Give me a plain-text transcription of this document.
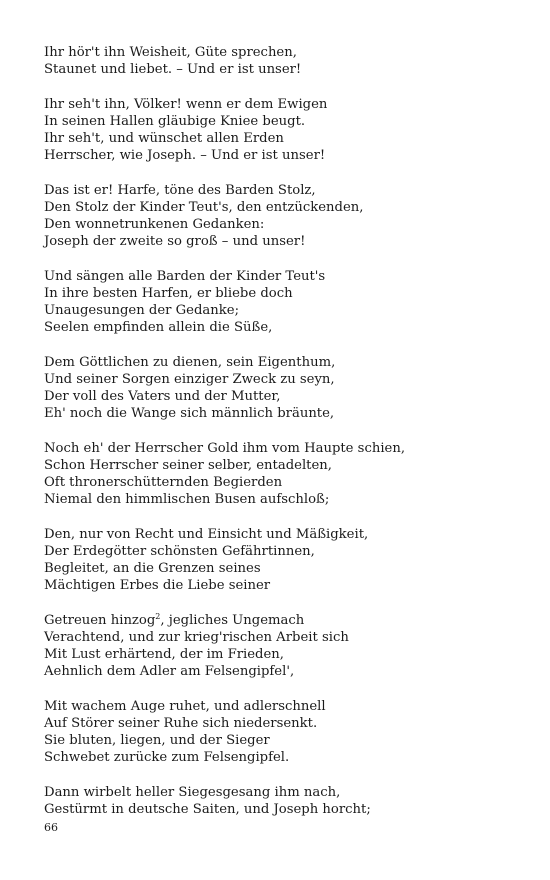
Ihr hör't ihn Weisheit, Güte sprechen,
Staunet und liebet. – Und er ist unser!
Ihr seh't ihn, Völker! wenn er dem Ewigen
In seinen Hallen gläubige Kniee beugt.
Ihr seh't, und wünschet allen Erden
Herrscher, wie Joseph. – Und er ist unser!
Das ist er! Harfe, töne des Barden Stolz,
Den Stolz der Kinder Teut's, den entzückenden,
Den wonnetrunkenen Gedanken:
Joseph der zweite so groß – und unser!
Und sängen alle Barden der Kinder Teut's
In ihre besten Harfen, er bliebe doch
Unaugesungen der Gedanke;
Seelen empfinden allein die Süße,
Dem Göttlichen zu dienen, sein Eigenthum,
Und seiner Sorgen einziger Zweck zu seyn,
Der voll des Vaters und der Mutter,
Eh' noch die Wange sich männlich bräunte,
Noch eh' der Herrscher Gold ihm vom Haupte schien,
Schon Herrscher seiner selber, entadelten,
Oft thronerschütternden Begierden
Niemal den himmlischen Busen aufschloß;
Den, nur von Recht und Einsicht und Mäßigkeit,
Der Erdegötter schönsten Gefährtinnen,
Begleitet, an die Grenzen seines
Mächtigen Erbes die Liebe seiner
Getreuen hinzog$^2$, jegliches Ungemach
Verachtend, und zur krieg'rischen Arbeit sich
Mit Lust erhärtend, der im Frieden,
Aehnlich dem Adler am Felsengipfel',
Mit wachem Auge ruhet, und adlerschnell
Auf Störer seiner Ruhe sich niedersenkt.
Sie bluten, liegen, und der Sieger
Schwebet zurücke zum Felsengipfel.
Dann wirbelt heller Siegesgesang ihm nach,
Gestürmt in deutsche Saiten, und Joseph horcht;
66
